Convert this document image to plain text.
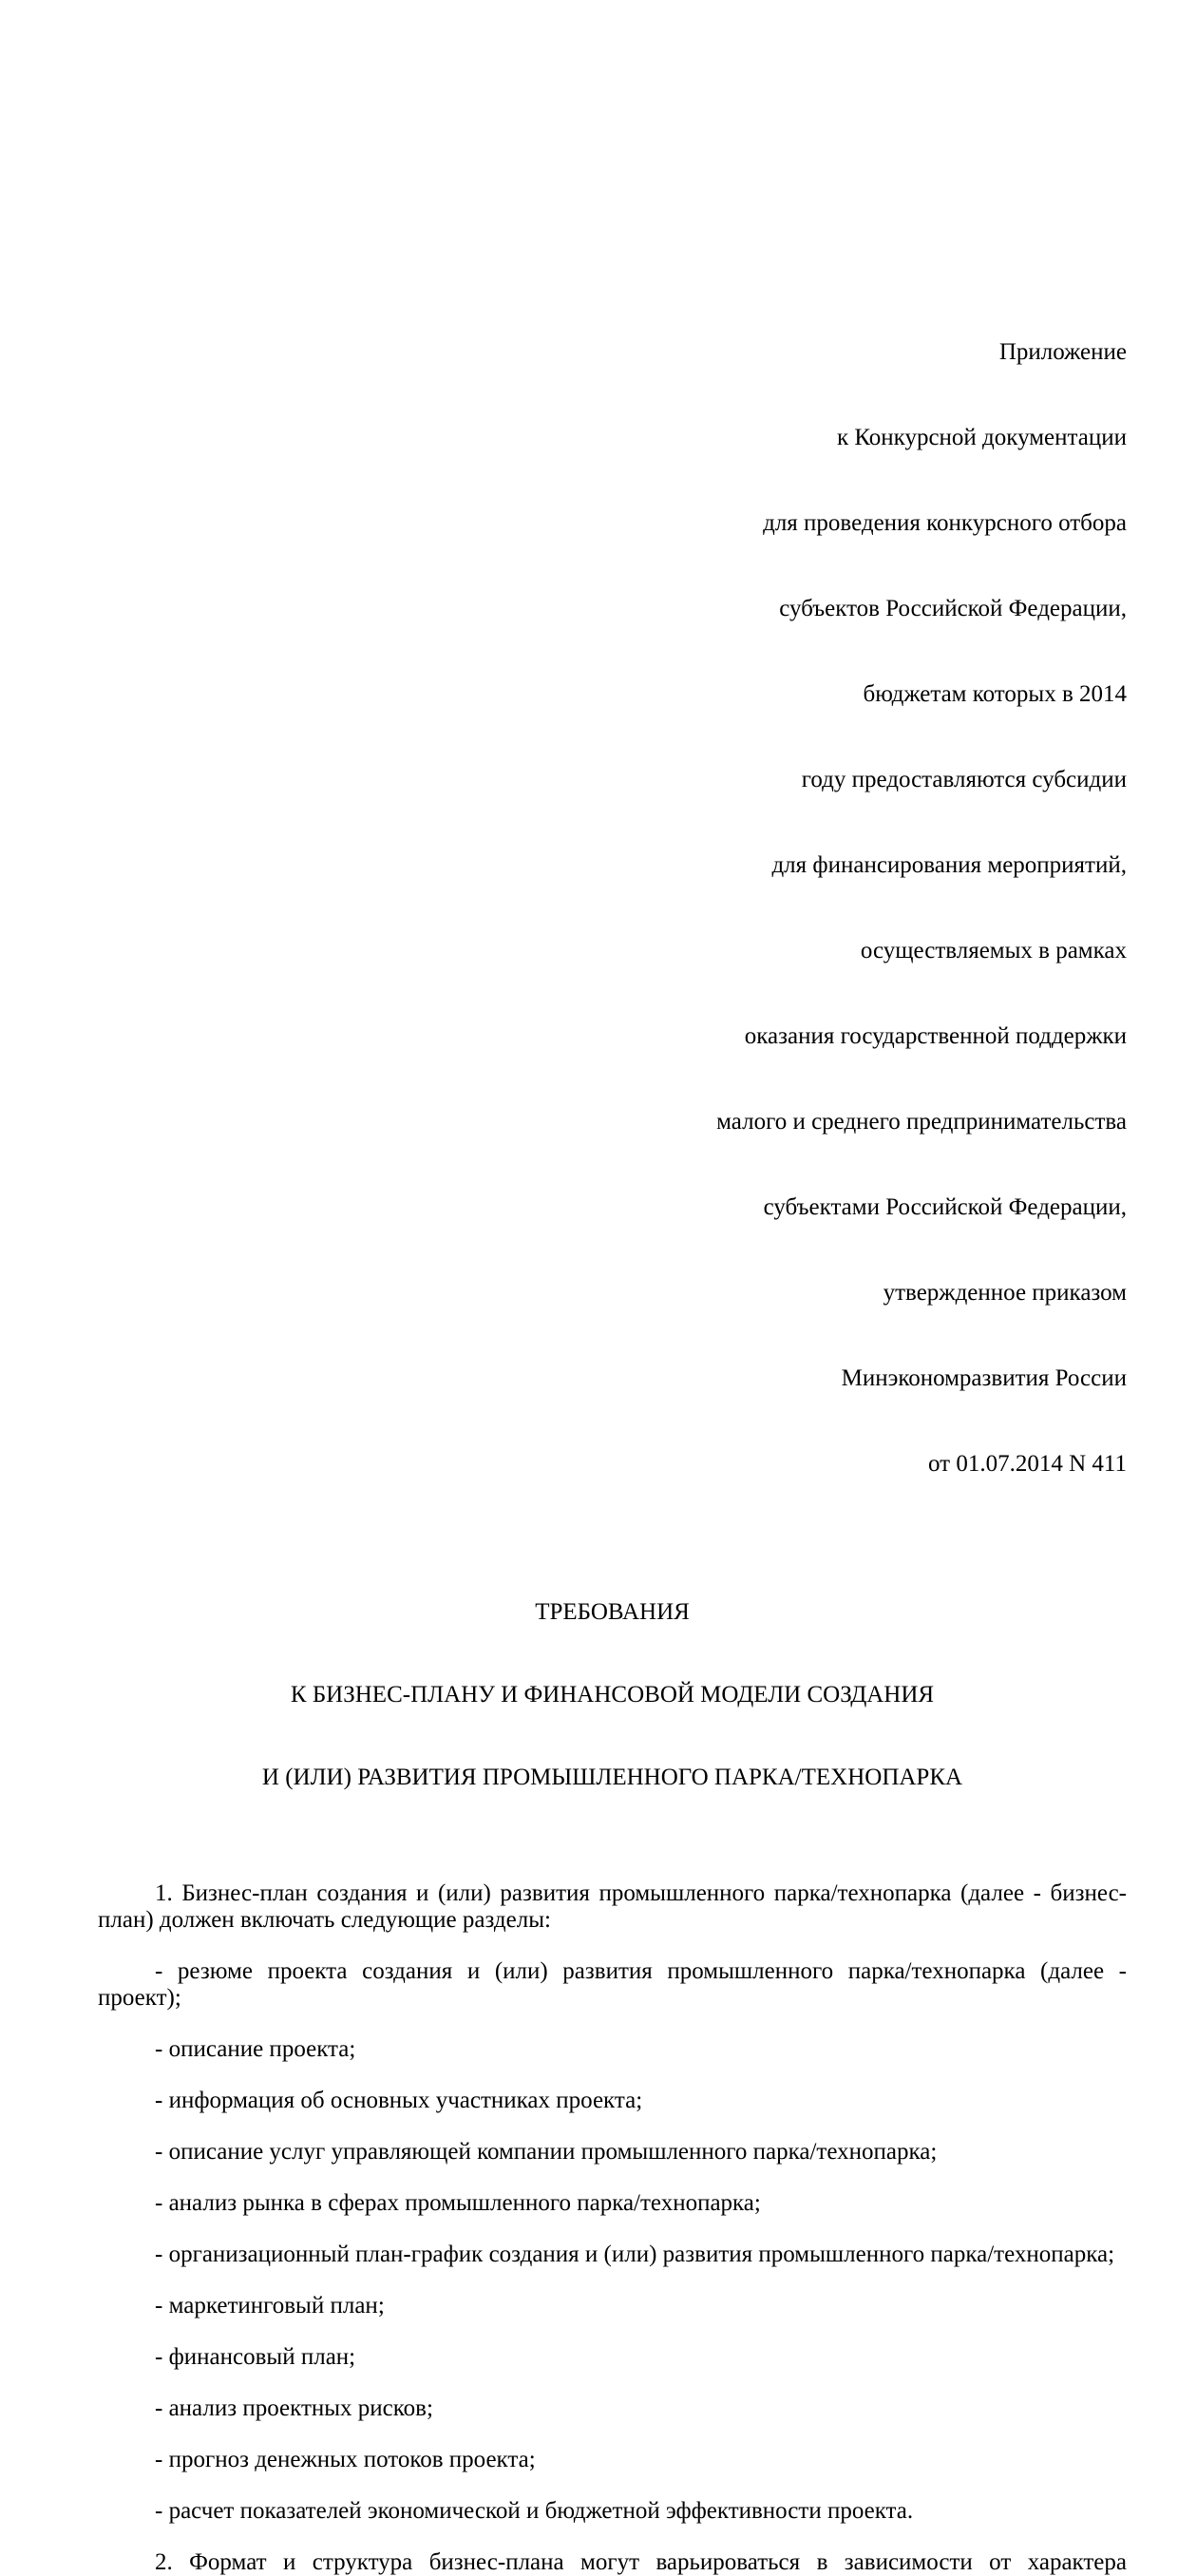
Приложение

к Конкурсной документации

для проведения конкурсного отбора

субъектов Российской Федерации,

бюджетам которых в 2014

году предоставляются субсидии

для финансирования мероприятий,

осуществляемых в рамках

оказания государственной поддержки

малого и среднего предпринимательства

субъектами Российской Федерации,

утвержденное приказом

Минэкономразвития России

от 01.07.2014 N 411

ТРЕБОВАНИЯ

К БИЗНЕС-ПЛАНУ И ФИНАНСОВОЙ МОДЕЛИ СОЗДАНИЯ

И (ИЛИ) РАЗВИТИЯ ПРОМЫШЛЕННОГО ПАРКА/ТЕХНОПАРКА

1. Бизнес-план создания и (или) развития промышленного парка/технопарка (далее - бизнес-план) должен включать следующие разделы:

- резюме проекта создания и (или) развития промышленного парка/технопарка (далее - проект);

- описание проекта;

- информация об основных участниках проекта;

- описание услуг управляющей компании промышленного парка/технопарка;

- анализ рынка в сферах промышленного парка/технопарка;

- организационный план-график создания и (или) развития промышленного парка/технопарка;

- маркетинговый план;

- финансовый план;

- анализ проектных рисков;

- прогноз денежных потоков проекта;

- расчет показателей экономической и бюджетной эффективности проекта.

2. Формат и структура бизнес-плана могут варьироваться в зависимости от характера
